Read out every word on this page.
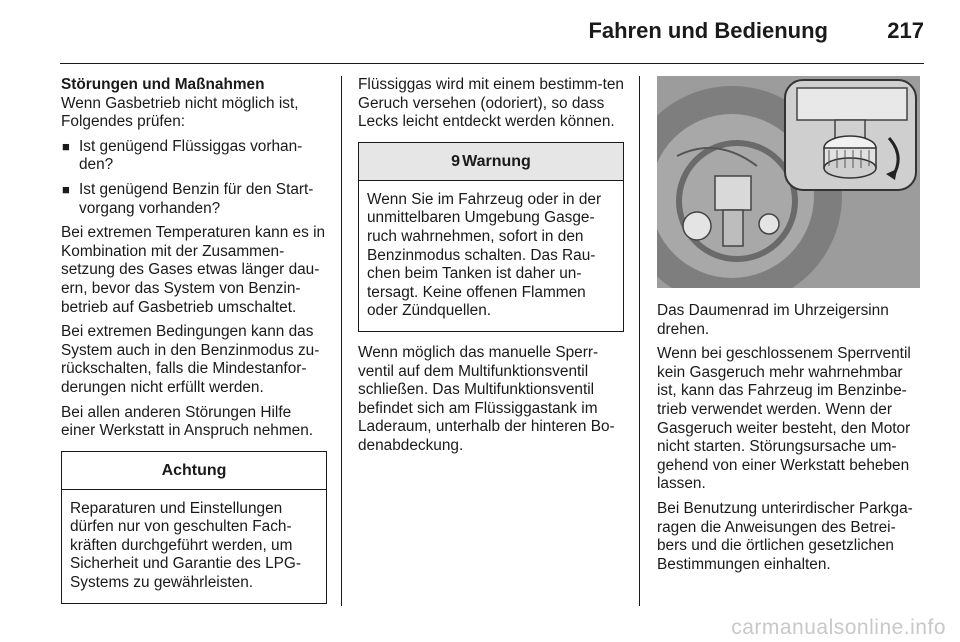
Fahren und Bedienung	217

Störungen und Maßnahmen

Wenn Gasbetrieb nicht möglich ist, Folgendes prüfen:

■ Ist genügend Flüssiggas vorhan-den?
■ Ist genügend Benzin für den Start-vorgang vorhanden?

Bei extremen Temperaturen kann es in Kombination mit der Zusammen-setzung des Gases etwas länger dau-ern, bevor das System von Benzin-betrieb auf Gasbetrieb umschaltet.

Bei extremen Bedingungen kann das System auch in den Benzinmodus zu-rückschalten, falls die Mindestanfor-derungen nicht erfüllt werden.

Bei allen anderen Störungen Hilfe einer Werkstatt in Anspruch nehmen.

Achtung
Reparaturen und Einstellungen dürfen nur von geschulten Fach-kräften durchgeführt werden, um Sicherheit und Garantie des LPG-Systems zu gewährleisten.

Flüssiggas wird mit einem bestimm-ten Geruch versehen (odoriert), so dass Lecks leicht entdeckt werden können.

9 Warnung
Wenn Sie im Fahrzeug oder in der unmittelbaren Umgebung Gasge-ruch wahrnehmen, sofort in den Benzinmodus schalten. Das Rau-chen beim Tanken ist daher un-tersagt. Keine offenen Flammen oder Zündquellen.

Wenn möglich das manuelle Sperr-ventil auf dem Multifunktionsventil schließen. Das Multifunktionsventil befindet sich am Flüssiggastank im Laderaum, unterhalb der hinteren Bo-denabdeckung.

Das Daumenrad im Uhrzeigersinn drehen.

Wenn bei geschlossenem Sperrventil kein Gasgeruch mehr wahrnehmbar ist, kann das Fahrzeug im Benzinbe-trieb verwendet werden. Wenn der Gasgeruch weiter besteht, den Motor nicht starten. Störungsursache um-gehend von einer Werkstatt beheben lassen.

Bei Benutzung unterirdischer Parkga-ragen die Anweisungen des Betrei-bers und die örtlichen gesetzlichen Bestimmungen einhalten.

carmanualsonline.info
